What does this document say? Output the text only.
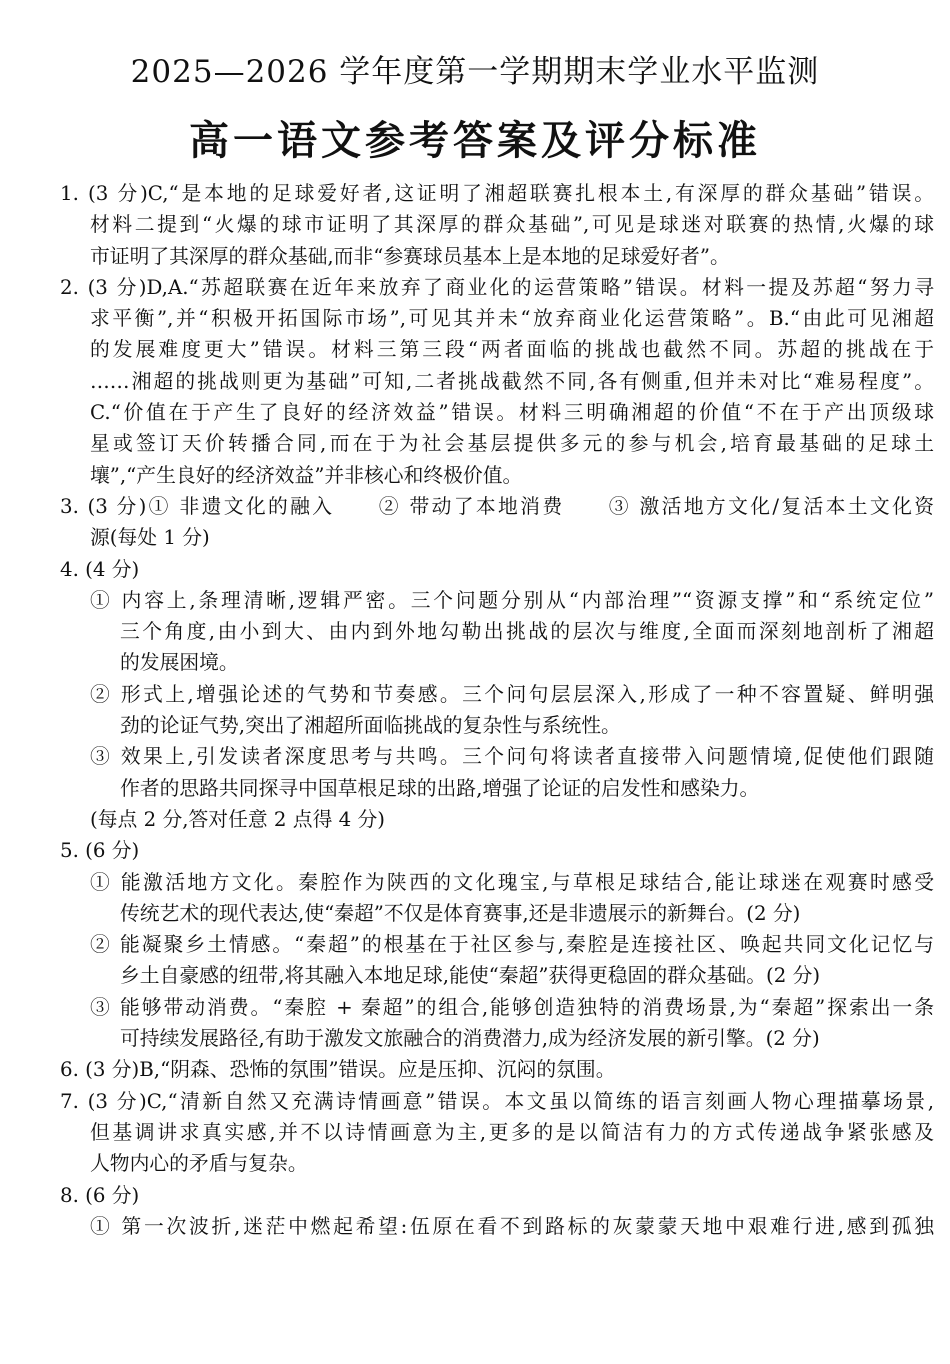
2025—2026 学年度第一学期期末学业水平监测
高一语文参考答案及评分标准
1. (3 分)C,“是本地的足球爱好者,这证明了湘超联赛扎根本土,有深厚的群众基础”错误。
材料二提到“火爆的球市证明了其深厚的群众基础”,可见是球迷对联赛的热情,火爆的球
市证明了其深厚的群众基础,而非“参赛球员基本上是本地的足球爱好者”。
2. (3 分)D,A.“苏超联赛在近年来放弃了商业化的运营策略”错误。材料一提及苏超“努力寻
求平衡”,并“积极开拓国际市场”,可见其并未“放弃商业化运营策略”。B.“由此可见湘超
的发展难度更大”错误。材料三第三段“两者面临的挑战也截然不同。苏超的挑战在于
……湘超的挑战则更为基础”可知,二者挑战截然不同,各有侧重,但并未对比“难易程度”。
C.“价值在于产生了良好的经济效益”错误。材料三明确湘超的价值“不在于产出顶级球
星或签订天价转播合同,而在于为社会基层提供多元的参与机会,培育最基础的足球土
壤”,“产生良好的经济效益”并非核心和终极价值。
3. (3 分)① 非遗文化的融入　　② 带动了本地消费　　③ 激活地方文化/复活本土文化资
源(每处 1 分)
4. (4 分)
① 内容上,条理清晰,逻辑严密。三个问题分别从“内部治理”“资源支撑”和“系统定位”
三个角度,由小到大、由内到外地勾勒出挑战的层次与维度,全面而深刻地剖析了湘超
的发展困境。
② 形式上,增强论述的气势和节奏感。三个问句层层深入,形成了一种不容置疑、鲜明强
劲的论证气势,突出了湘超所面临挑战的复杂性与系统性。
③ 效果上,引发读者深度思考与共鸣。三个问句将读者直接带入问题情境,促使他们跟随
作者的思路共同探寻中国草根足球的出路,增强了论证的启发性和感染力。
(每点 2 分,答对任意 2 点得 4 分)
5. (6 分)
① 能激活地方文化。秦腔作为陕西的文化瑰宝,与草根足球结合,能让球迷在观赛时感受
传统艺术的现代表达,使“秦超”不仅是体育赛事,还是非遗展示的新舞台。(2 分)
② 能凝聚乡土情感。“秦超”的根基在于社区参与,秦腔是连接社区、唤起共同文化记忆与
乡土自豪感的纽带,将其融入本地足球,能使“秦超”获得更稳固的群众基础。(2 分)
③ 能够带动消费。“秦腔 + 秦超”的组合,能够创造独特的消费场景,为“秦超”探索出一条
可持续发展路径,有助于激发文旅融合的消费潜力,成为经济发展的新引擎。(2 分)
6. (3 分)B,“阴森、恐怖的氛围”错误。应是压抑、沉闷的氛围。
7. (3 分)C,“清新自然又充满诗情画意”错误。本文虽以简练的语言刻画人物心理描摹场景,
但基调讲求真实感,并不以诗情画意为主,更多的是以简洁有力的方式传递战争紧张感及
人物内心的矛盾与复杂。
8. (6 分)
① 第一次波折,迷茫中燃起希望:伍原在看不到路标的灰蒙蒙天地中艰难行进,感到孤独
